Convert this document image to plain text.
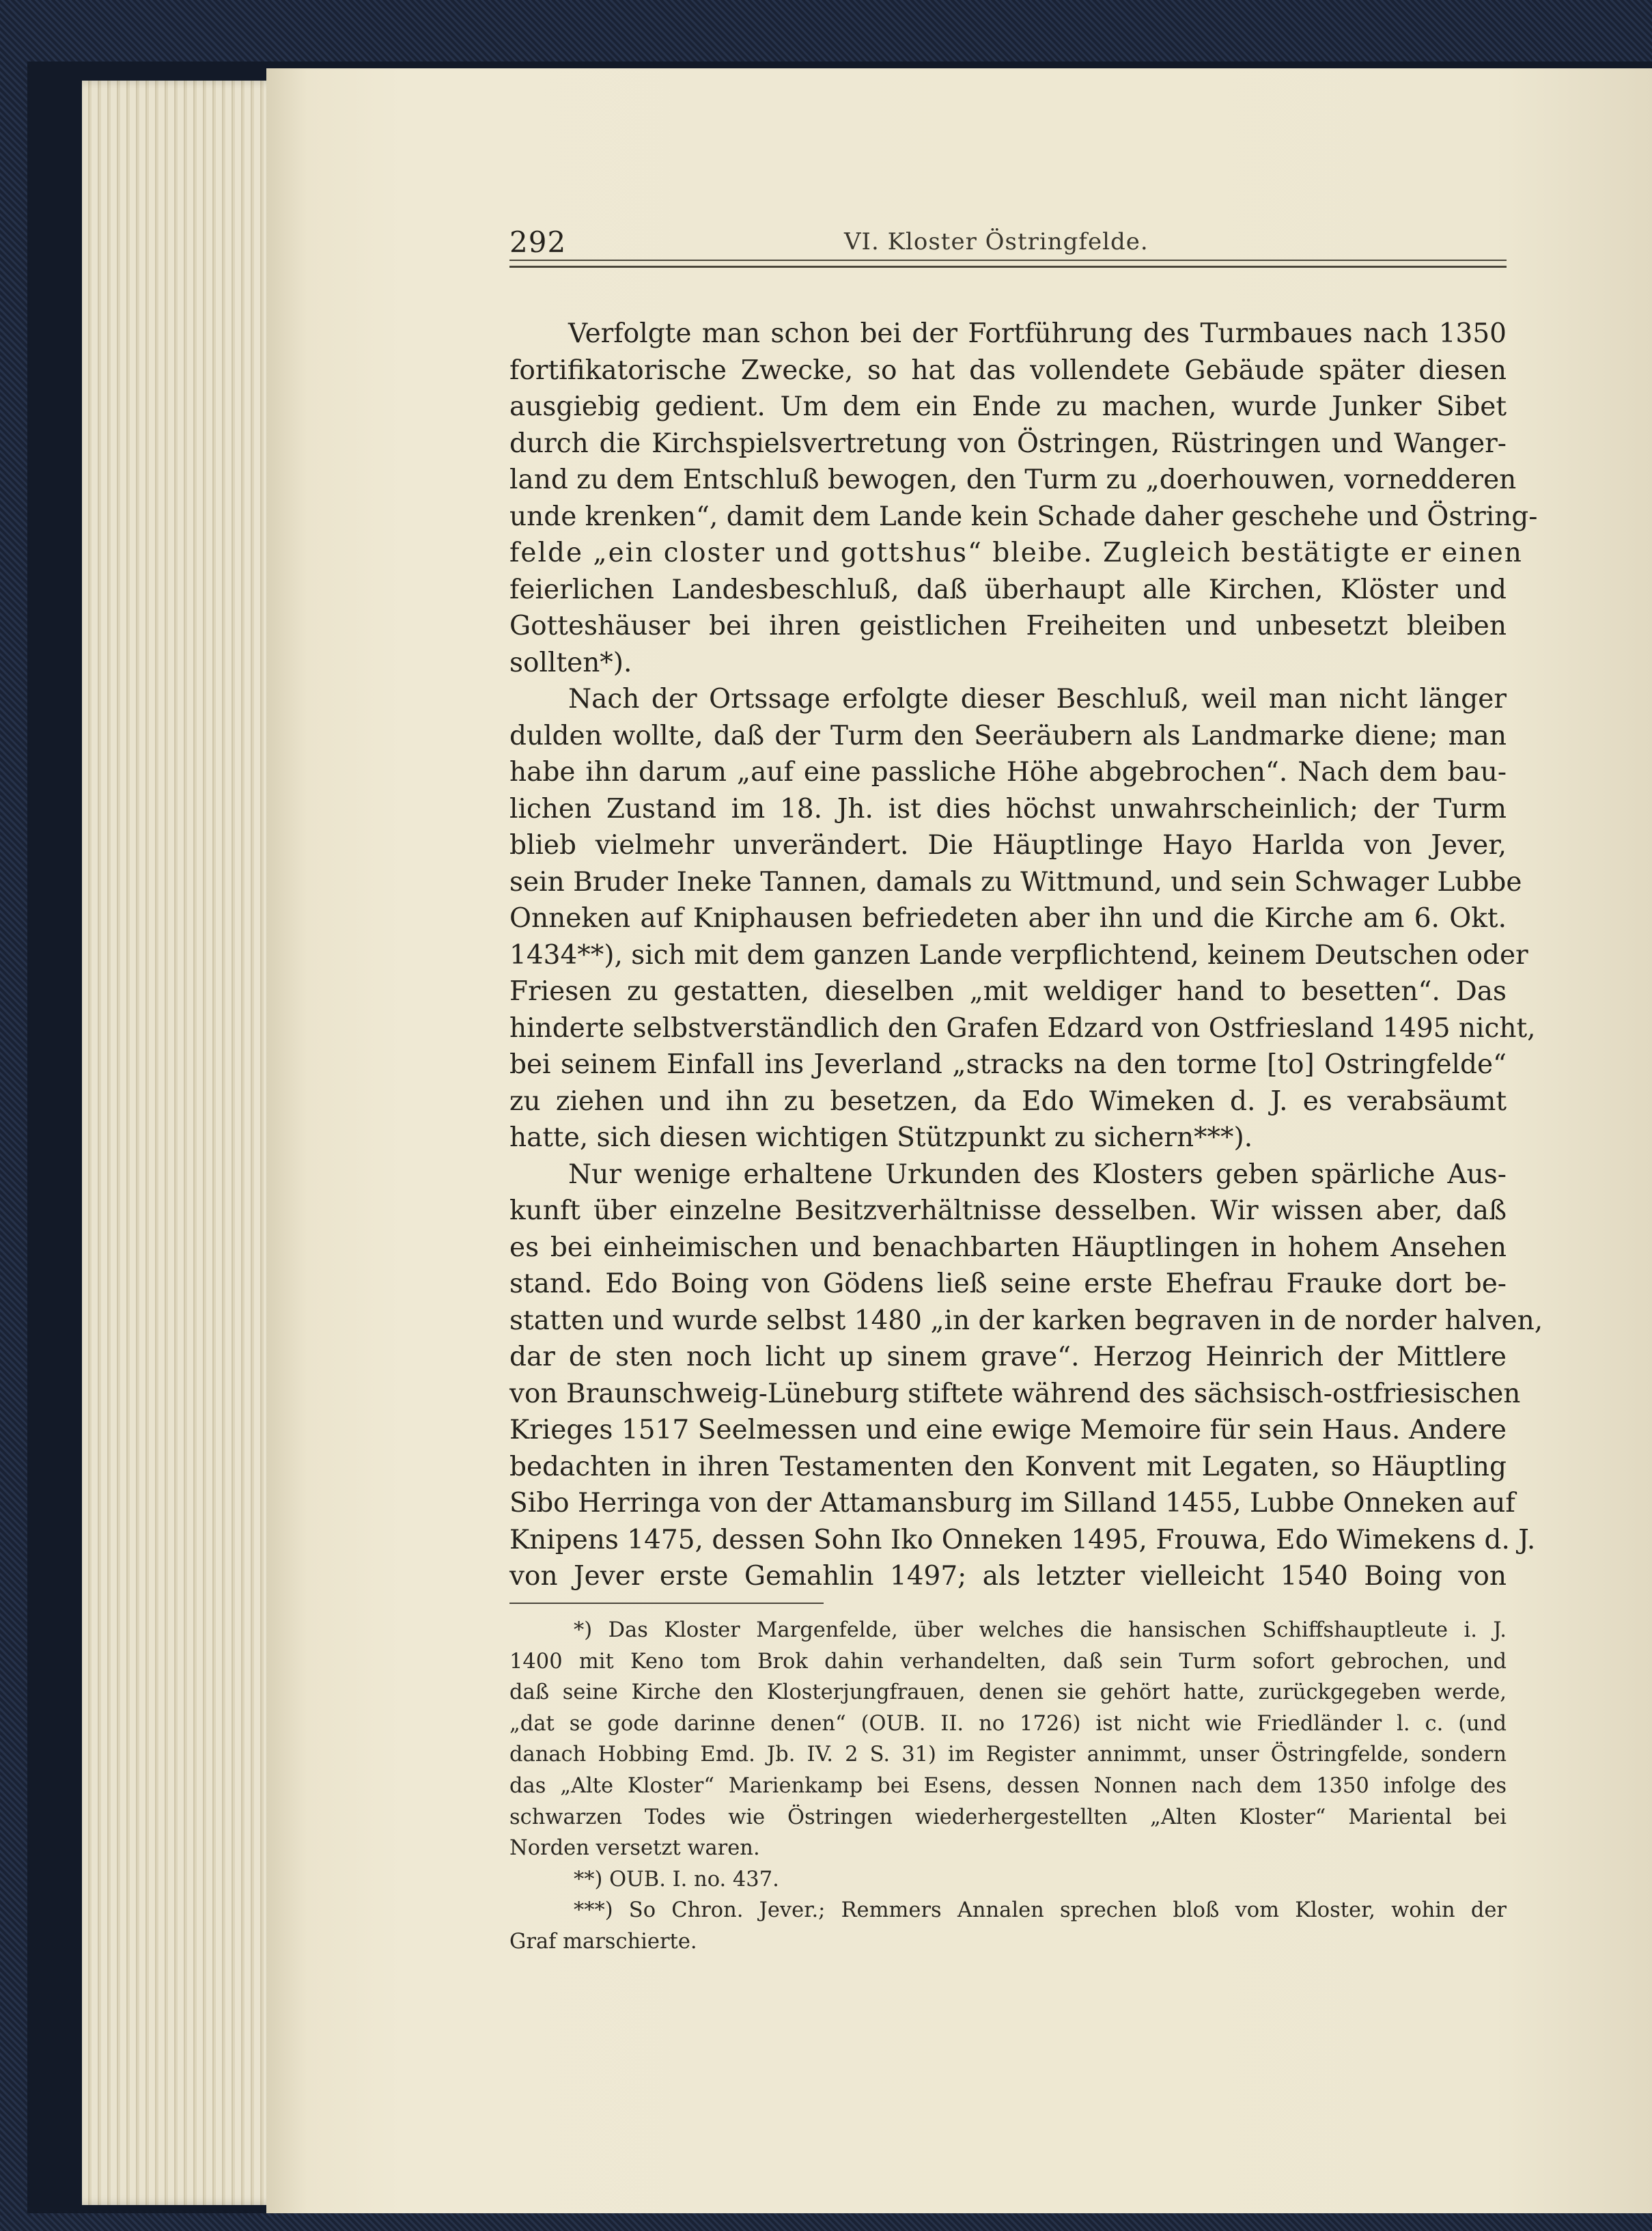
292	VI. Kloster Östringfelde.
Verfolgte man schon bei der Fortführung des Turmbaues nach 1350
fortifikatorische Zwecke, so hat das vollendete Gebäude später diesen
ausgiebig gedient. Um dem ein Ende zu machen, wurde Junker Sibet
durch die Kirchspielsvertretung von Östringen, Rüstringen und Wanger-
land zu dem Entschluß bewogen, den Turm zu „doerhouwen, vornedderen
unde krenken“, damit dem Lande kein Schade daher geschehe und Östring-
felde „ein closter und gottshus“ bleibe. Zugleich bestätigte er einen
feierlichen Landesbeschluß, daß überhaupt alle Kirchen, Klöster und
Gotteshäuser bei ihren geistlichen Freiheiten und unbesetzt bleiben
sollten*).
Nach der Ortssage erfolgte dieser Beschluß, weil man nicht länger
dulden wollte, daß der Turm den Seeräubern als Landmarke diene; man
habe ihn darum „auf eine passliche Höhe abgebrochen“. Nach dem bau-
lichen Zustand im 18. Jh. ist dies höchst unwahrscheinlich; der Turm
blieb vielmehr unverändert. Die Häuptlinge Hayo Harlda von Jever,
sein Bruder Ineke Tannen, damals zu Wittmund, und sein Schwager Lubbe
Onneken auf Kniphausen befriedeten aber ihn und die Kirche am 6. Okt.
1434**), sich mit dem ganzen Lande verpflichtend, keinem Deutschen oder
Friesen zu gestatten, dieselben „mit weldiger hand to besetten“. Das
hinderte selbstverständlich den Grafen Edzard von Ostfriesland 1495 nicht,
bei seinem Einfall ins Jeverland „stracks na den torme [to] Ostringfelde“
zu ziehen und ihn zu besetzen, da Edo Wimeken d. J. es verabsäumt
hatte, sich diesen wichtigen Stützpunkt zu sichern***).
Nur wenige erhaltene Urkunden des Klosters geben spärliche Aus-
kunft über einzelne Besitzverhältnisse desselben. Wir wissen aber, daß
es bei einheimischen und benachbarten Häuptlingen in hohem Ansehen
stand. Edo Boing von Gödens ließ seine erste Ehefrau Frauke dort be-
statten und wurde selbst 1480 „in der karken begraven in de norder halven,
dar de sten noch licht up sinem grave“. Herzog Heinrich der Mittlere
von Braunschweig-Lüneburg stiftete während des sächsisch-ostfriesischen
Krieges 1517 Seelmessen und eine ewige Memoire für sein Haus. Andere
bedachten in ihren Testamenten den Konvent mit Legaten, so Häuptling
Sibo Herringa von der Attamansburg im Silland 1455, Lubbe Onneken auf
Knipens 1475, dessen Sohn Iko Onneken 1495, Frouwa, Edo Wimekens d. J.
von Jever erste Gemahlin 1497; als letzter vielleicht 1540 Boing von
*) Das Kloster Margenfelde, über welches die hansischen Schiffshauptleute i. J.
1400 mit Keno tom Brok dahin verhandelten, daß sein Turm sofort gebrochen, und
daß seine Kirche den Klosterjungfrauen, denen sie gehört hatte, zurückgegeben werde,
„dat se gode darinne denen“ (OUB. II. no 1726) ist nicht wie Friedländer l. c. (und
danach Hobbing Emd. Jb. IV. 2 S. 31) im Register annimmt, unser Östringfelde, sondern
das „Alte Kloster“ Marienkamp bei Esens, dessen Nonnen nach dem 1350 infolge des
schwarzen Todes wie Östringen wiederhergestellten „Alten Kloster“ Mariental bei
Norden versetzt waren.
**) OUB. I. no. 437.
***) So Chron. Jever.; Remmers Annalen sprechen bloß vom Kloster, wohin der
Graf marschierte.
